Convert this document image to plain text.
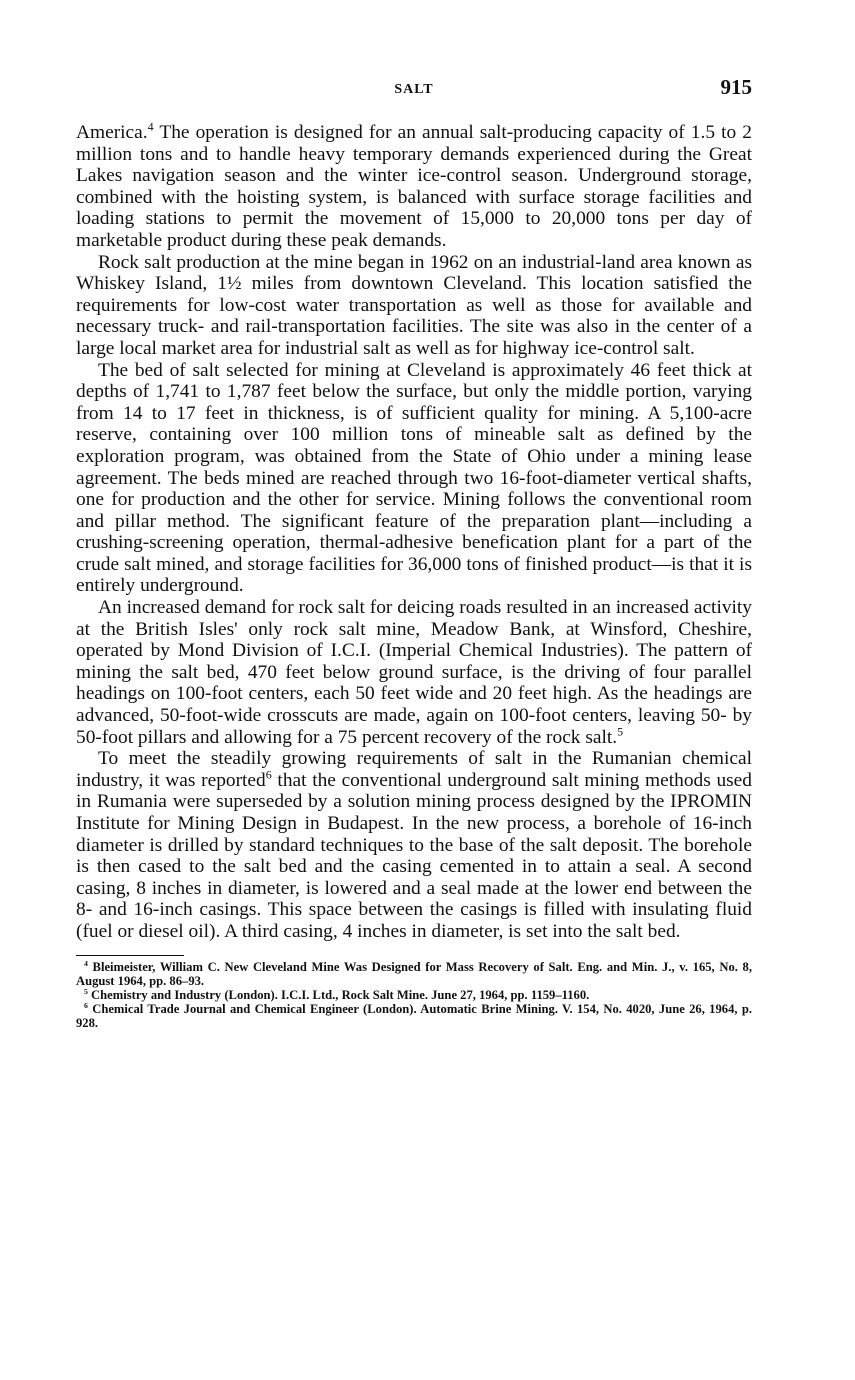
SALT	915

America.$^4$ The operation is designed for an annual salt-producing capacity of 1.5 to 2 million tons and to handle heavy temporary demands experienced during the Great Lakes navigation season and the winter ice-control season. Underground storage, combined with the hoisting system, is balanced with surface storage facilities and loading stations to permit the movement of 15,000 to 20,000 tons per day of marketable product during these peak demands.

Rock salt production at the mine began in 1962 on an industrial-land area known as Whiskey Island, 1½ miles from downtown Cleveland. This location satisfied the requirements for low-cost water transportation as well as those for available and necessary truck- and rail-transportation facilities. The site was also in the center of a large local market area for industrial salt as well as for highway ice-control salt.

The bed of salt selected for mining at Cleveland is approximately 46 feet thick at depths of 1,741 to 1,787 feet below the surface, but only the middle portion, varying from 14 to 17 feet in thickness, is of sufficient quality for mining. A 5,100-acre reserve, containing over 100 million tons of mineable salt as defined by the exploration program, was obtained from the State of Ohio under a mining lease agreement. The beds mined are reached through two 16-foot-diameter vertical shafts, one for production and the other for service. Mining follows the conventional room and pillar method. The significant feature of the preparation plant—including a crushing-screening operation, thermal-adhesive benefication plant for a part of the crude salt mined, and storage facilities for 36,000 tons of finished product—is that it is entirely underground.

An increased demand for rock salt for deicing roads resulted in an increased activity at the British Isles' only rock salt mine, Meadow Bank, at Winsford, Cheshire, operated by Mond Division of I.C.I. (Imperial Chemical Industries). The pattern of mining the salt bed, 470 feet below ground surface, is the driving of four parallel headings on 100-foot centers, each 50 feet wide and 20 feet high. As the headings are advanced, 50-foot-wide crosscuts are made, again on 100-foot centers, leaving 50- by 50-foot pillars and allowing for a 75 percent recovery of the rock salt.$^5$

To meet the steadily growing requirements of salt in the Rumanian chemical industry, it was reported$^6$ that the conventional underground salt mining methods used in Rumania were superseded by a solution mining process designed by the IPROMIN Institute for Mining Design in Budapest. In the new process, a borehole of 16-inch diameter is drilled by standard techniques to the base of the salt deposit. The borehole is then cased to the salt bed and the casing cemented in to attain a seal. A second casing, 8 inches in diameter, is lowered and a seal made at the lower end between the 8- and 16-inch casings. This space between the casings is filled with insulating fluid (fuel or diesel oil). A third casing, 4 inches in diameter, is set into the salt bed.

$^4$ Bleimeister, William C. New Cleveland Mine Was Designed for Mass Recovery of Salt. Eng. and Min. J., v. 165, No. 8, August 1964, pp. 86–93.

$^5$ Chemistry and Industry (London). I.C.I. Ltd., Rock Salt Mine. June 27, 1964, pp. 1159–1160.

$^6$ Chemical Trade Journal and Chemical Engineer (London). Automatic Brine Mining. V. 154, No. 4020, June 26, 1964, p. 928.
